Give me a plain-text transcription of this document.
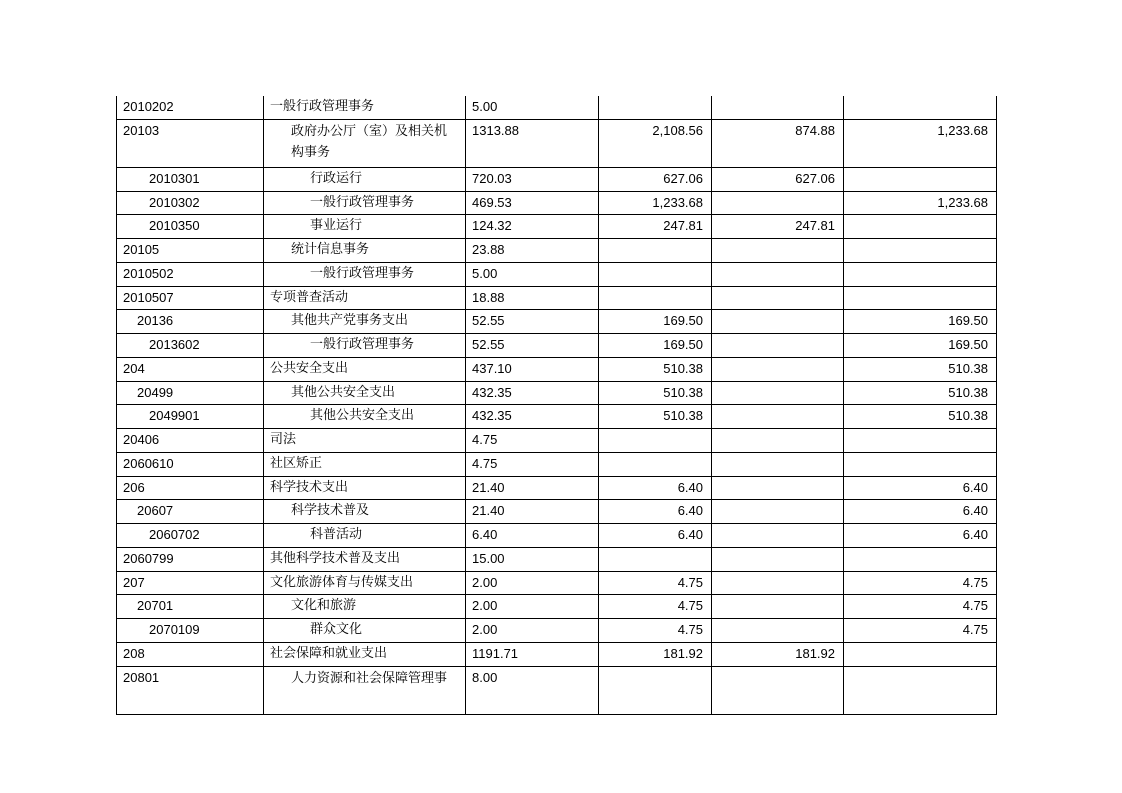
2010202	一般行政管理事务	5.00			
20103	政府办公厅（室）及相关机构事务	1313.88	2,108.56	874.88	1,233.68
2010301	行政运行	720.03	627.06	627.06	
2010302	一般行政管理事务	469.53	1,233.68		1,233.68
2010350	事业运行	124.32	247.81	247.81	
20105	统计信息事务	23.88			
2010502	一般行政管理事务	5.00			
2010507	专项普查活动	18.88			
20136	其他共产党事务支出	52.55	169.50		169.50
2013602	一般行政管理事务	52.55	169.50		169.50
204	公共安全支出	437.10	510.38		510.38
20499	其他公共安全支出	432.35	510.38		510.38
2049901	其他公共安全支出	432.35	510.38		510.38
20406	司法	4.75			
2060610	社区矫正	4.75			
206	科学技术支出	21.40	6.40		6.40
20607	科学技术普及	21.40	6.40		6.40
2060702	科普活动	6.40	6.40		6.40
2060799	其他科学技术普及支出	15.00			
207	文化旅游体育与传媒支出	2.00	4.75		4.75
20701	文化和旅游	2.00	4.75		4.75
2070109	群众文化	2.00	4.75		4.75
208	社会保障和就业支出	1191.71	181.92	181.92	
20801	人力资源和社会保障管理事	8.00			
